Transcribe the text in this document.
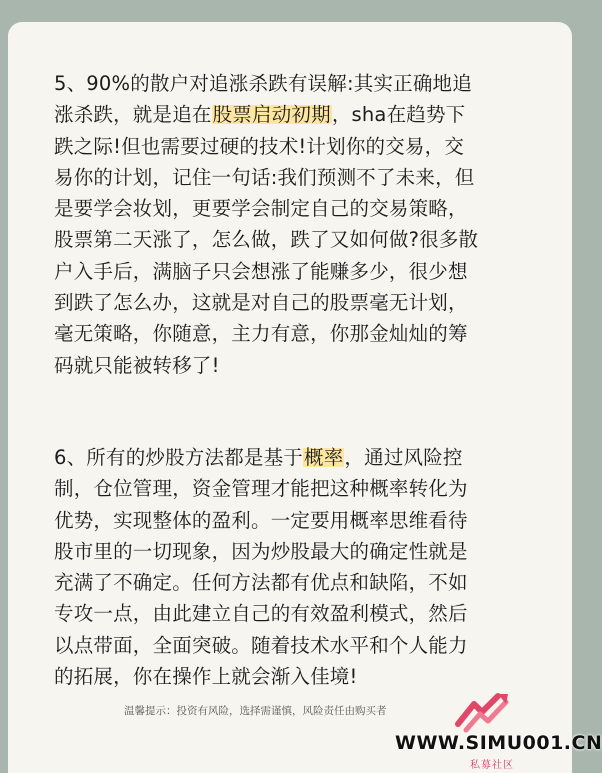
5、90%的散户对追涨杀跌有误解:其实正确地追
涨杀跌，就是追在股票启动初期，sha在趋势下
跌之际!但也需要过硬的技术!计划你的交易，交
易你的计划，记住一句话:我们预测不了未来，但
是要学会妆划，更要学会制定自己的交易策略，
股票第二天涨了，怎么做，跌了又如何做?很多散
户入手后，满脑子只会想涨了能赚多少，很少想
到跌了怎么办，这就是对自己的股票毫无计划，
毫无策略，你随意，主力有意，你那金灿灿的筹
码就只能被转移了!

6、所有的炒股方法都是基于概率，通过风险控
制，仓位管理，资金管理才能把这种概率转化为
优势，实现整体的盈利。一定要用概率思维看待
股市里的一切现象，因为炒股最大的确定性就是
充满了不确定。任何方法都有优点和缺陷，不如
专攻一点，由此建立自己的有效盈利模式，然后
以点带面，全面突破。随着技术水平和个人能力
的拓展，你在操作上就会渐入佳境!

温馨提示：投资有风险，选择需谨慎，风险责任由购买者
WWW.SIMU001.CN
私募社区
